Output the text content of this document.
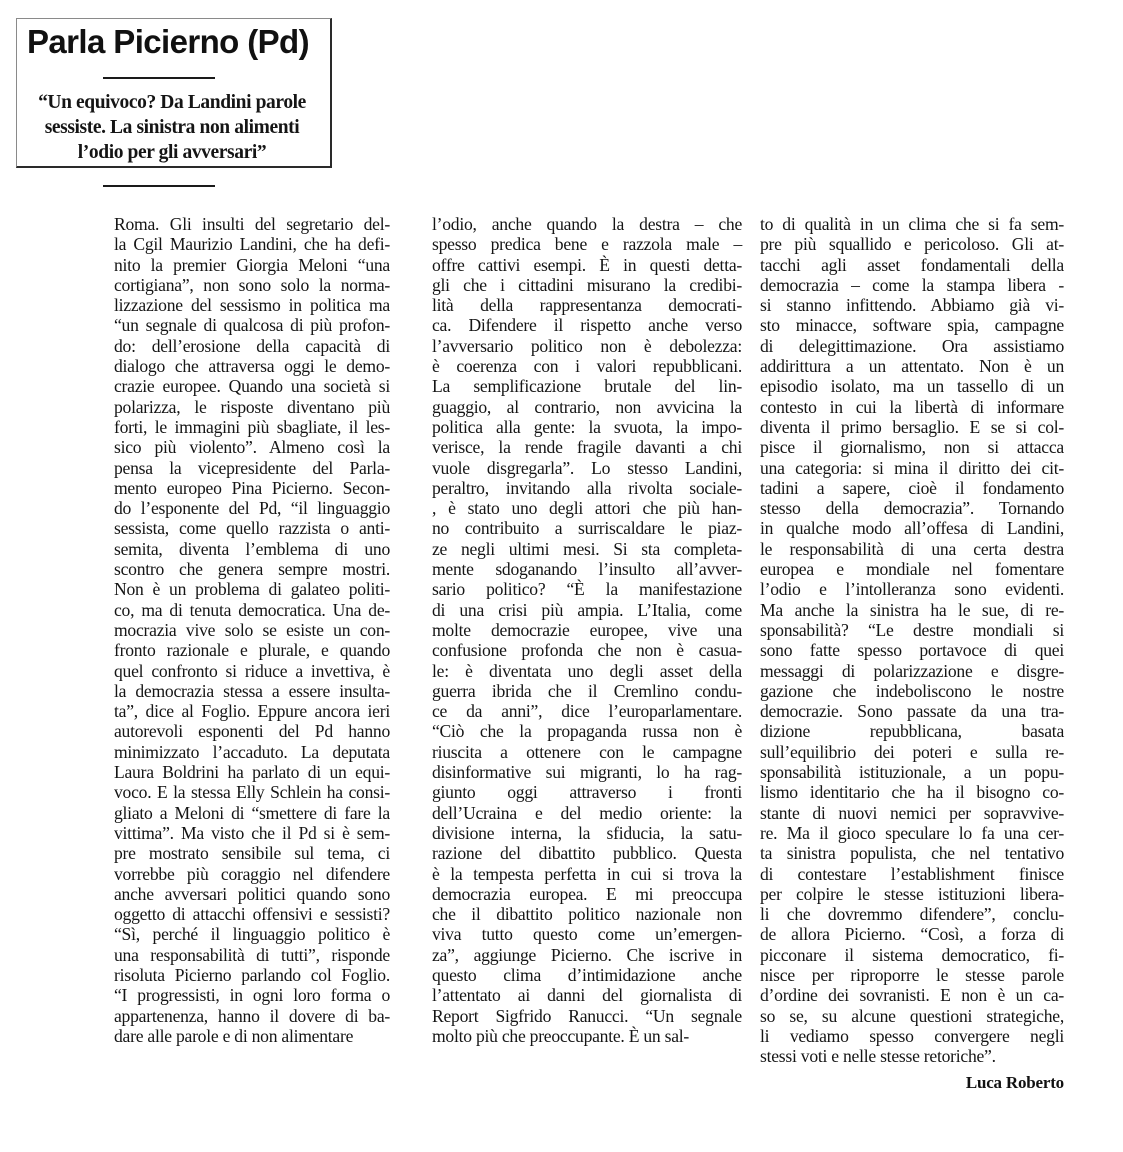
Parla Picierno (Pd)

“Un equivoco? Da Landini parole sessiste. La sinistra non alimenti l’odio per gli avversari”

Roma. Gli insulti del segretario del-
la Cgil Maurizio Landini, che ha defi-
nito la premier Giorgia Meloni “una
cortigiana”, non sono solo la norma-
lizzazione del sessismo in politica ma
“un segnale di qualcosa di più profon-
do: dell’erosione della capacità di
dialogo che attraversa oggi le demo-
crazie europee. Quando una società si
polarizza, le risposte diventano più
forti, le immagini più sbagliate, il les-
sico più violento”. Almeno così la
pensa la vicepresidente del Parla-
mento europeo Pina Picierno. Secon-
do l’esponente del Pd, “il linguaggio
sessista, come quello razzista o anti-
semita, diventa l’emblema di uno
scontro che genera sempre mostri.
Non è un problema di galateo politi-
co, ma di tenuta democratica. Una de-
mocrazia vive solo se esiste un con-
fronto razionale e plurale, e quando
quel confronto si riduce a invettiva, è
la democrazia stessa a essere insulta-
ta”, dice al Foglio. Eppure ancora ieri
autorevoli esponenti del Pd hanno
minimizzato l’accaduto. La deputata
Laura Boldrini ha parlato di un equi-
voco. E la stessa Elly Schlein ha consi-
gliato a Meloni di “smettere di fare la
vittima”. Ma visto che il Pd si è sem-
pre mostrato sensibile sul tema, ci
vorrebbe più coraggio nel difendere
anche avversari politici quando sono
oggetto di attacchi offensivi e sessisti?
“Sì, perché il linguaggio politico è
una responsabilità di tutti”, risponde
risoluta Picierno parlando col Foglio.
“I progressisti, in ogni loro forma o
appartenenza, hanno il dovere di ba-
dare alle parole e di non alimentare
l’odio, anche quando la destra – che
spesso predica bene e razzola male –
offre cattivi esempi. È in questi detta-
gli che i cittadini misurano la credibi-
lità della rappresentanza democrati-
ca. Difendere il rispetto anche verso
l’avversario politico non è debolezza:
è coerenza con i valori repubblicani.
La semplificazione brutale del lin-
guaggio, al contrario, non avvicina la
politica alla gente: la svuota, la impo-
verisce, la rende fragile davanti a chi
vuole disgregarla”. Lo stesso Landini,
peraltro, invitando alla rivolta sociale-
, è stato uno degli attori che più han-
no contribuito a surriscaldare le piaz-
ze negli ultimi mesi. Si sta completa-
mente sdoganando l’insulto all’avver-
sario politico? “È la manifestazione
di una crisi più ampia. L’Italia, come
molte democrazie europee, vive una
confusione profonda che non è casua-
le: è diventata uno degli asset della
guerra ibrida che il Cremlino condu-
ce da anni”, dice l’europarlamentare.
“Ciò che la propaganda russa non è
riuscita a ottenere con le campagne
disinformative sui migranti, lo ha rag-
giunto oggi attraverso i fronti
dell’Ucraina e del medio oriente: la
divisione interna, la sfiducia, la satu-
razione del dibattito pubblico. Questa
è la tempesta perfetta in cui si trova la
democrazia europea. E mi preoccupa
che il dibattito politico nazionale non
viva tutto questo come un’emergen-
za”, aggiunge Picierno. Che iscrive in
questo clima d’intimidazione anche
l’attentato ai danni del giornalista di
Report Sigfrido Ranucci. “Un segnale
molto più che preoccupante. È un sal-
to di qualità in un clima che si fa sem-
pre più squallido e pericoloso. Gli at-
tacchi agli asset fondamentali della
democrazia – come la stampa libera -
si stanno infittendo. Abbiamo già vi-
sto minacce, software spia, campagne
di delegittimazione. Ora assistiamo
addirittura a un attentato. Non è un
episodio isolato, ma un tassello di un
contesto in cui la libertà di informare
diventa il primo bersaglio. E se si col-
pisce il giornalismo, non si attacca
una categoria: si mina il diritto dei cit-
tadini a sapere, cioè il fondamento
stesso della democrazia”. Tornando
in qualche modo all’offesa di Landini,
le responsabilità di una certa destra
europea e mondiale nel fomentare
l’odio e l’intolleranza sono evidenti.
Ma anche la sinistra ha le sue, di re-
sponsabilità? “Le destre mondiali si
sono fatte spesso portavoce di quei
messaggi di polarizzazione e disgre-
gazione che indeboliscono le nostre
democrazie. Sono passate da una tra-
dizione repubblicana, basata
sull’equilibrio dei poteri e sulla re-
sponsabilità istituzionale, a un popu-
lismo identitario che ha il bisogno co-
stante di nuovi nemici per sopravvive-
re. Ma il gioco speculare lo fa una cer-
ta sinistra populista, che nel tentativo
di contestare l’establishment finisce
per colpire le stesse istituzioni libera-
li che dovremmo difendere”, conclu-
de allora Picierno. “Così, a forza di
picconare il sistema democratico, fi-
nisce per riproporre le stesse parole
d’ordine dei sovranisti. E non è un ca-
so se, su alcune questioni strategiche,
li vediamo spesso convergere negli
stessi voti e nelle stesse retoriche”.
Luca Roberto
